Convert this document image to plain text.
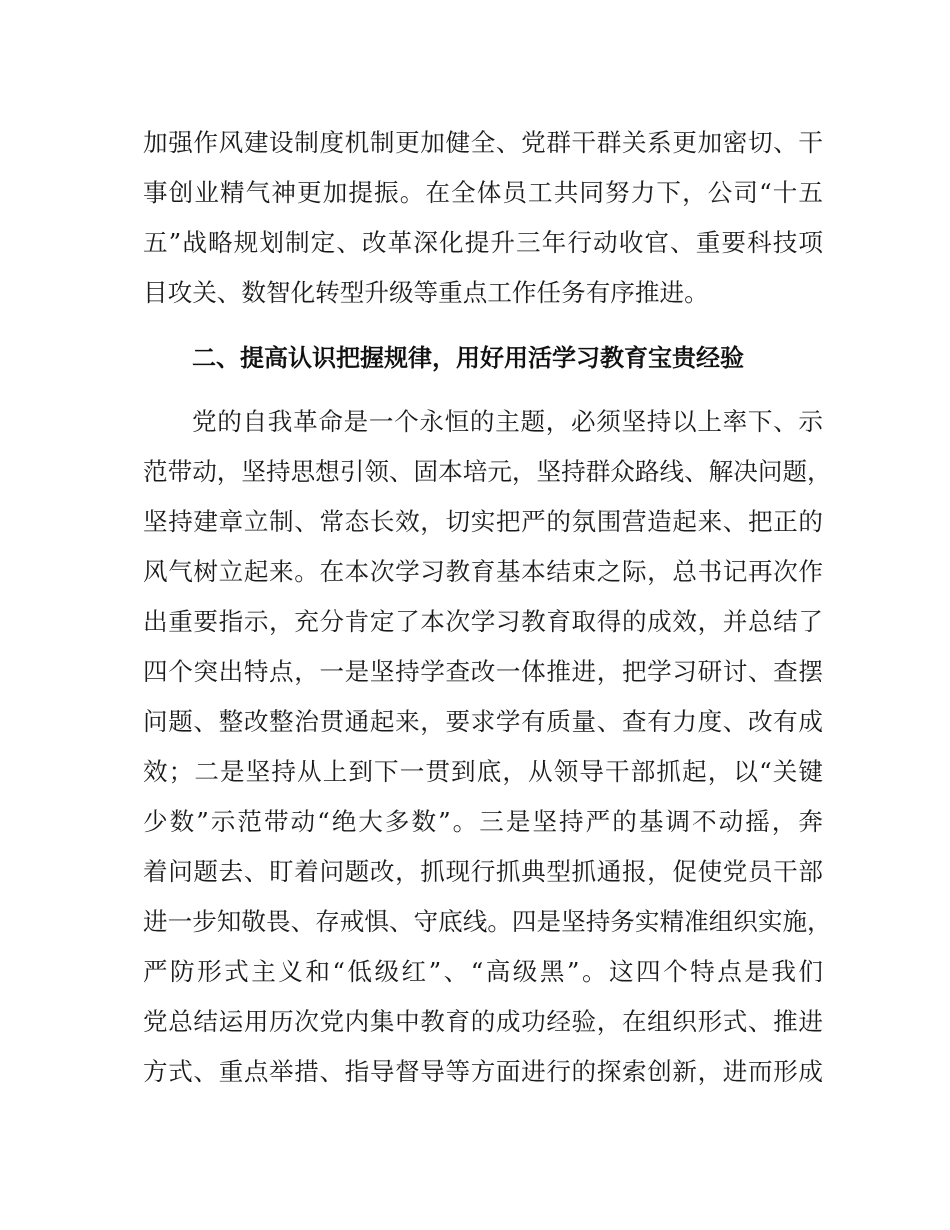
加强作风建设制度机制更加健全、党群干群关系更加密切、干
事创业精气神更加提振。在全体员工共同努力下，公司“十五
五”战略规划制定、改革深化提升三年行动收官、重要科技项
目攻关、数智化转型升级等重点工作任务有序推进。
二、提高认识把握规律，用好用活学习教育宝贵经验
党的自我革命是一个永恒的主题，必须坚持以上率下、示
范带动，坚持思想引领、固本培元，坚持群众路线、解决问题，
坚持建章立制、常态长效，切实把严的氛围营造起来、把正的
风气树立起来。在本次学习教育基本结束之际，总书记再次作
出重要指示，充分肯定了本次学习教育取得的成效，并总结了
四个突出特点，一是坚持学查改一体推进，把学习研讨、查摆
问题、整改整治贯通起来，要求学有质量、查有力度、改有成
效；二是坚持从上到下一贯到底，从领导干部抓起，以“关键
少数”示范带动“绝大多数”。三是坚持严的基调不动摇，奔
着问题去、盯着问题改，抓现行抓典型抓通报，促使党员干部
进一步知敬畏、存戒惧、守底线。四是坚持务实精准组织实施，
严防形式主义和“低级红”、“高级黑”。这四个特点是我们
党总结运用历次党内集中教育的成功经验，在组织形式、推进
方式、重点举措、指导督导等方面进行的探索创新，进而形成
